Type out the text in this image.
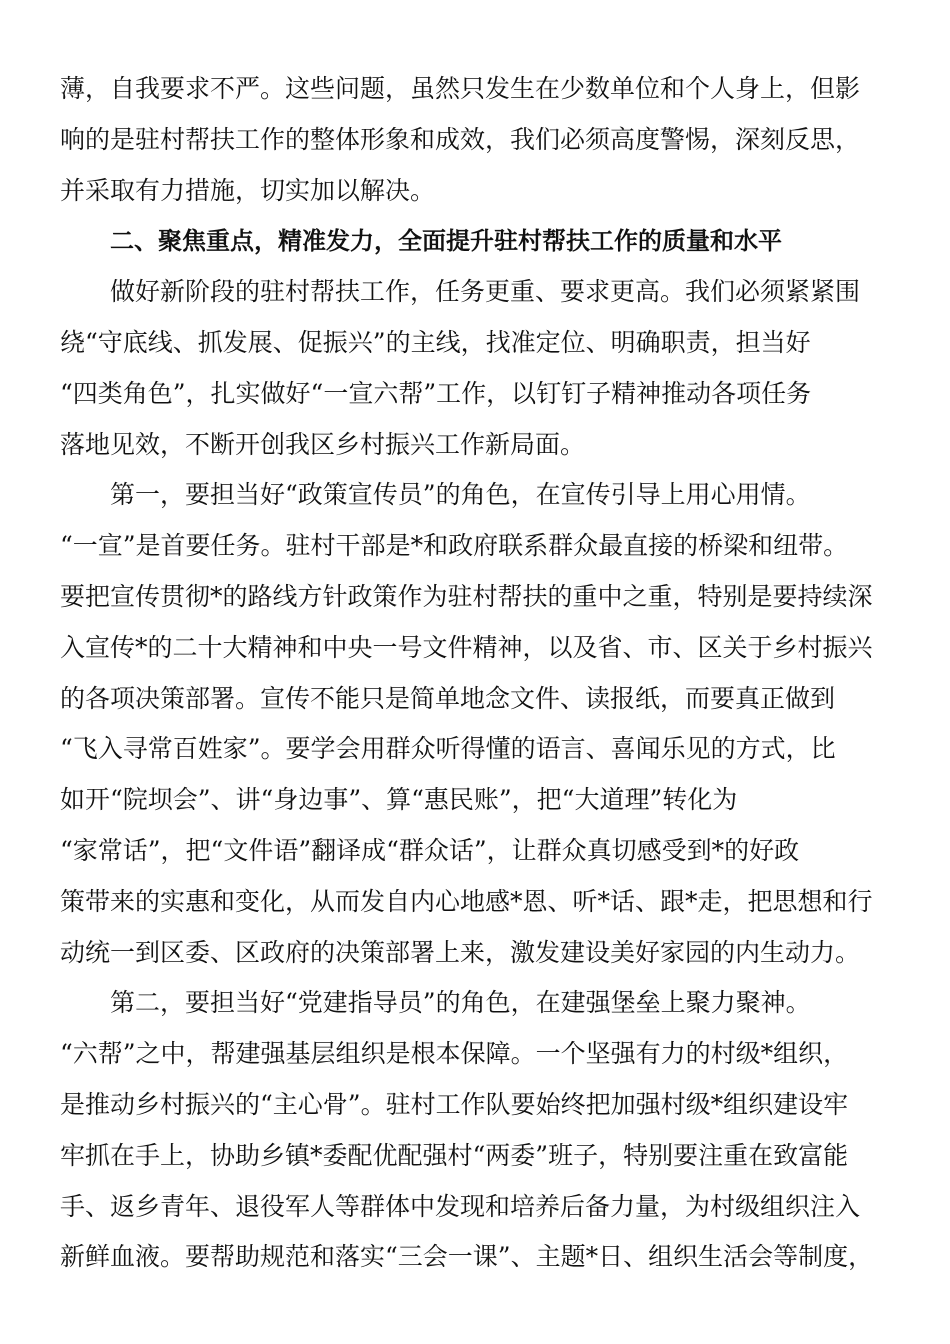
薄，自我要求不严。这些问题，虽然只发生在少数单位和个人身上，但影
响的是驻村帮扶工作的整体形象和成效，我们必须高度警惕，深刻反思，
并采取有力措施，切实加以解决。
二、聚焦重点，精准发力，全面提升驻村帮扶工作的质量和水平
做好新阶段的驻村帮扶工作，任务更重、要求更高。我们必须紧紧围
绕“守底线、抓发展、促振兴”的主线，找准定位、明确职责，担当好
“四类角色”，扎实做好“一宣六帮”工作，以钉钉子精神推动各项任务
落地见效，不断开创我区乡村振兴工作新局面。
第一，要担当好“政策宣传员”的角色，在宣传引导上用心用情。
“一宣”是首要任务。驻村干部是*和政府联系群众最直接的桥梁和纽带。
要把宣传贯彻*的路线方针政策作为驻村帮扶的重中之重，特别是要持续深
入宣传*的二十大精神和中央一号文件精神，以及省、市、区关于乡村振兴
的各项决策部署。宣传不能只是简单地念文件、读报纸，而要真正做到
“飞入寻常百姓家”。要学会用群众听得懂的语言、喜闻乐见的方式，比
如开“院坝会”、讲“身边事”、算“惠民账”，把“大道理”转化为
“家常话”，把“文件语”翻译成“群众话”，让群众真切感受到*的好政
策带来的实惠和变化，从而发自内心地感*恩、听*话、跟*走，把思想和行
动统一到区委、区政府的决策部署上来，激发建设美好家园的内生动力。
第二，要担当好“党建指导员”的角色，在建强堡垒上聚力聚神。
“六帮”之中，帮建强基层组织是根本保障。一个坚强有力的村级*组织，
是推动乡村振兴的“主心骨”。驻村工作队要始终把加强村级*组织建设牢
牢抓在手上，协助乡镇*委配优配强村“两委”班子，特别要注重在致富能
手、返乡青年、退役军人等群体中发现和培养后备力量，为村级组织注入
新鲜血液。要帮助规范和落实“三会一课”、主题*日、组织生活会等制度，
